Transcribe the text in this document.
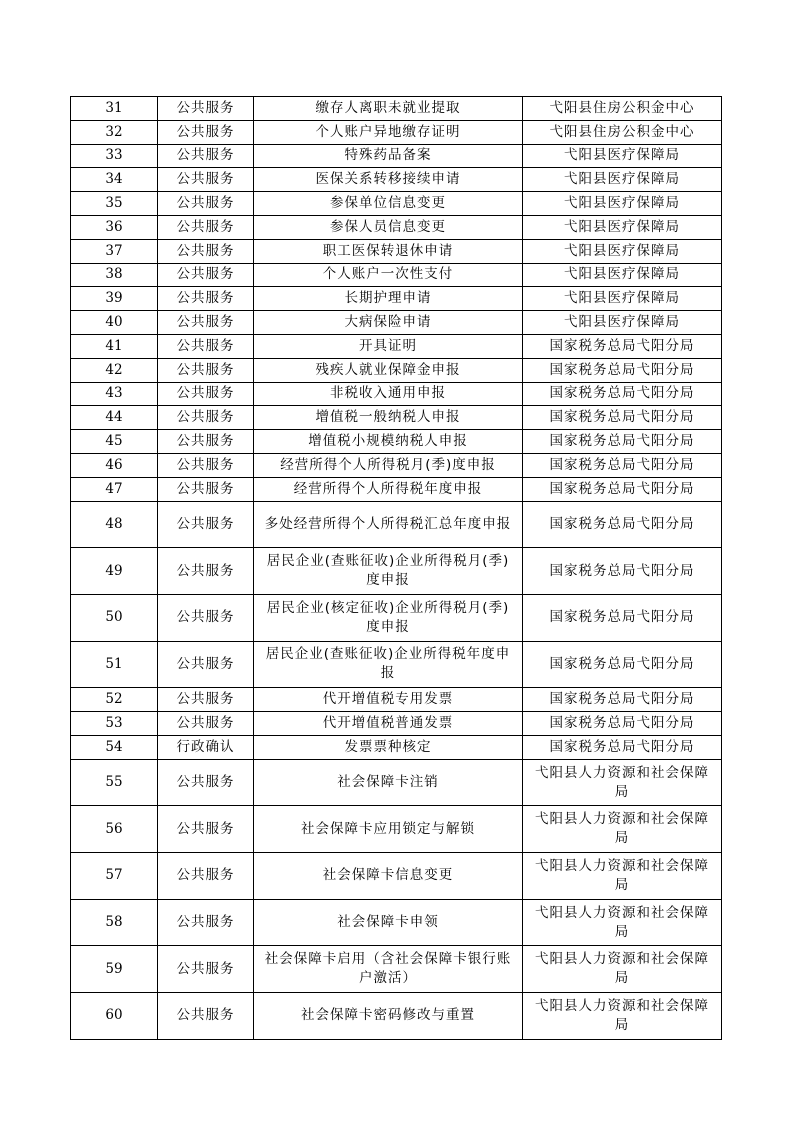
31	公共服务	缴存人离职未就业提取	弋阳县住房公积金中心
32	公共服务	个人账户异地缴存证明	弋阳县住房公积金中心
33	公共服务	特殊药品备案	弋阳县医疗保障局
34	公共服务	医保关系转移接续申请	弋阳县医疗保障局
35	公共服务	参保单位信息变更	弋阳县医疗保障局
36	公共服务	参保人员信息变更	弋阳县医疗保障局
37	公共服务	职工医保转退休申请	弋阳县医疗保障局
38	公共服务	个人账户一次性支付	弋阳县医疗保障局
39	公共服务	长期护理申请	弋阳县医疗保障局
40	公共服务	大病保险申请	弋阳县医疗保障局
41	公共服务	开具证明	国家税务总局弋阳分局
42	公共服务	残疾人就业保障金申报	国家税务总局弋阳分局
43	公共服务	非税收入通用申报	国家税务总局弋阳分局
44	公共服务	增值税一般纳税人申报	国家税务总局弋阳分局
45	公共服务	增值税小规模纳税人申报	国家税务总局弋阳分局
46	公共服务	经营所得个人所得税月(季)度申报	国家税务总局弋阳分局
47	公共服务	经营所得个人所得税年度申报	国家税务总局弋阳分局
48	公共服务	多处经营所得个人所得税汇总年度申报	国家税务总局弋阳分局
49	公共服务	居民企业(查账征收)企业所得税月(季)度申报	国家税务总局弋阳分局
50	公共服务	居民企业(核定征收)企业所得税月(季)度申报	国家税务总局弋阳分局
51	公共服务	居民企业(查账征收)企业所得税年度申报	国家税务总局弋阳分局
52	公共服务	代开增值税专用发票	国家税务总局弋阳分局
53	公共服务	代开增值税普通发票	国家税务总局弋阳分局
54	行政确认	发票票种核定	国家税务总局弋阳分局
55	公共服务	社会保障卡注销	弋阳县人力资源和社会保障局
56	公共服务	社会保障卡应用锁定与解锁	弋阳县人力资源和社会保障局
57	公共服务	社会保障卡信息变更	弋阳县人力资源和社会保障局
58	公共服务	社会保障卡申领	弋阳县人力资源和社会保障局
59	公共服务	社会保障卡启用（含社会保障卡银行账户激活）	弋阳县人力资源和社会保障局
60	公共服务	社会保障卡密码修改与重置	弋阳县人力资源和社会保障局
